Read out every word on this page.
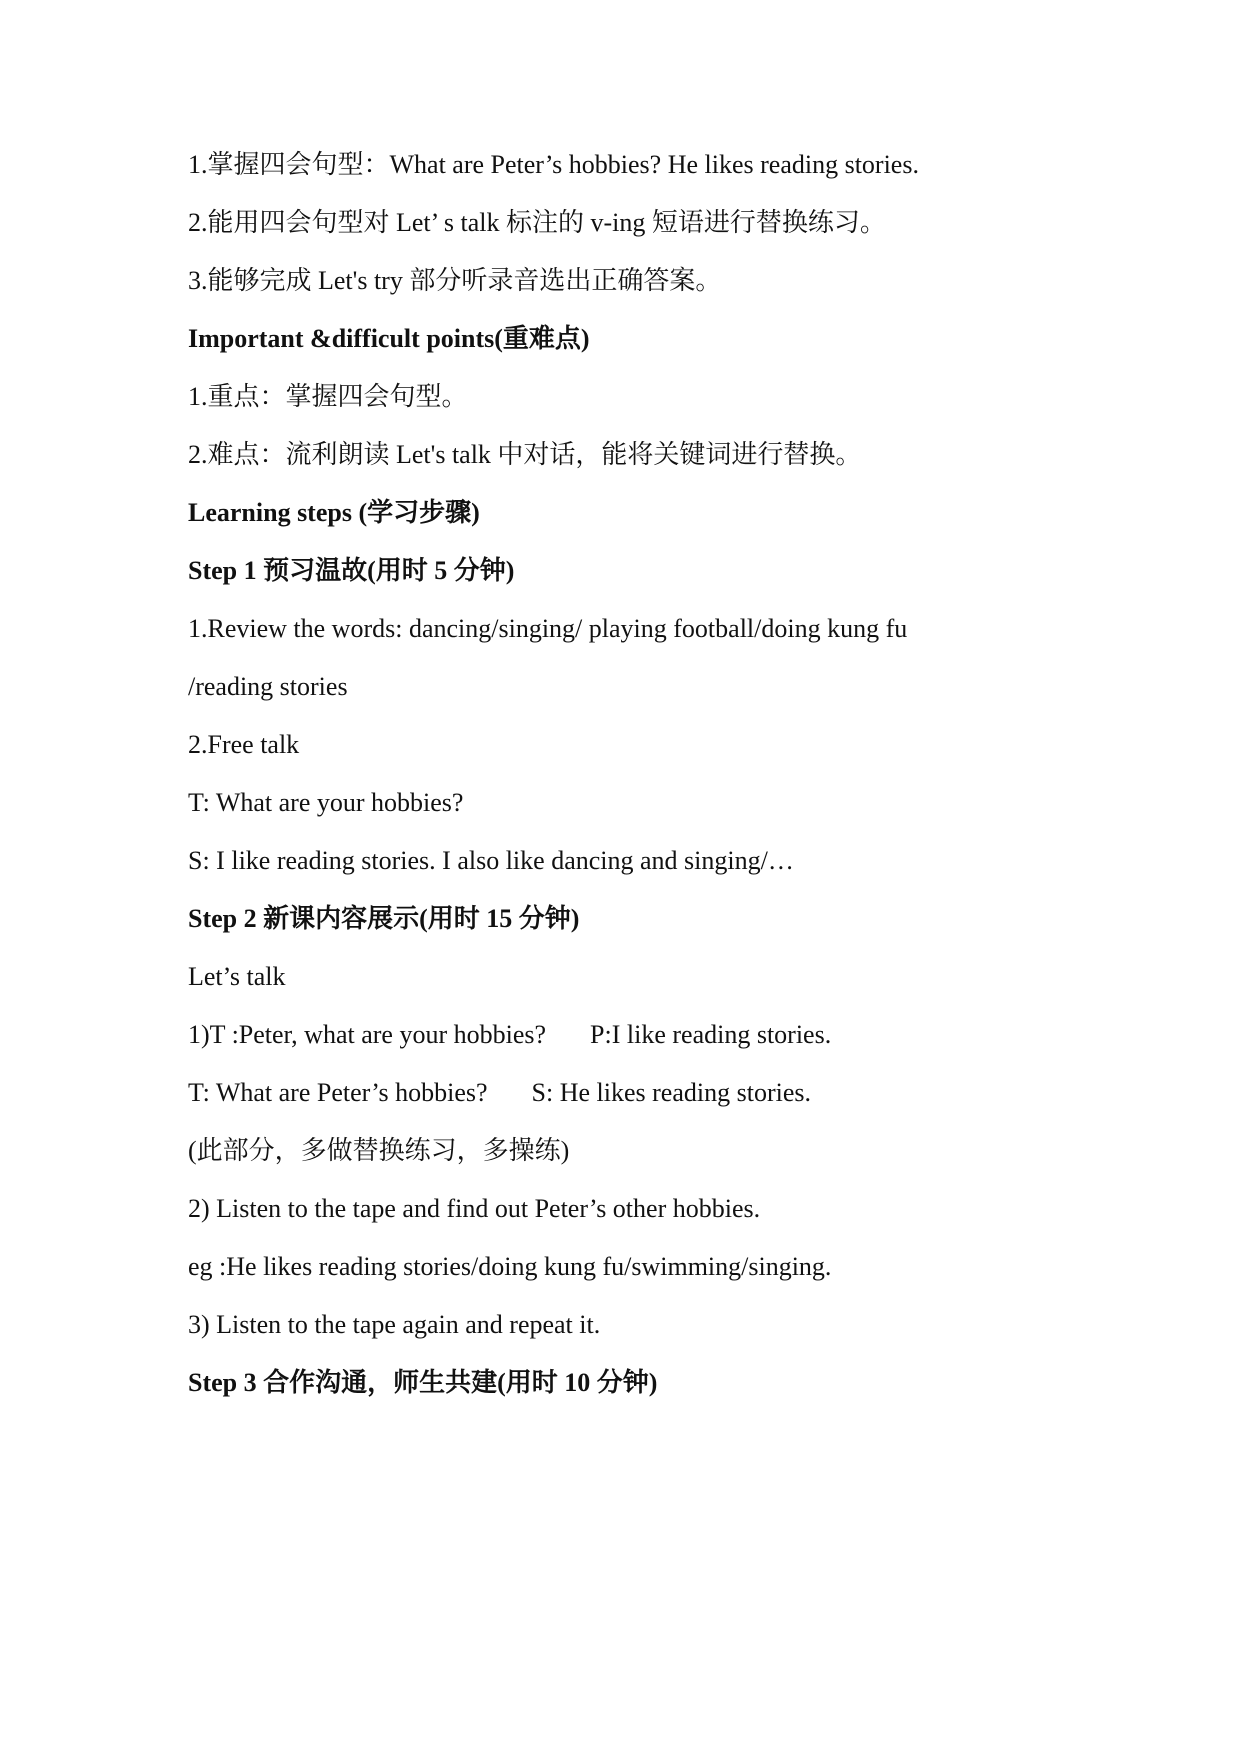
1.掌握四会句型：What are Peter’s hobbies? He likes reading stories.
2.能用四会句型对 Let’ s talk 标注的 v-ing 短语进行替换练习。
3.能够完成 Let's try 部分听录音选出正确答案。
Important &difficult points(重难点)
1.重点：掌握四会句型。
2.难点：流利朗读 Let's talk 中对话，能将关键词进行替换。
Learning steps (学习步骤)
Step 1 预习温故(用时 5 分钟)
1.Review the words: dancing/singing/ playing football/doing kung fu
/reading stories
2.Free talk
T: What are your hobbies?
S: I like reading stories. I also like dancing and singing/…
Step 2 新课内容展示(用时 15 分钟)
Let’s talk
1)T :Peter, what are your hobbies? P:I like reading stories.
T: What are Peter’s hobbies? S: He likes reading stories.
(此部分，多做替换练习，多操练)
2) Listen to the tape and find out Peter’s other hobbies.
eg :He likes reading stories/doing kung fu/swimming/singing.
3) Listen to the tape again and repeat it.
Step 3 合作沟通，师生共建(用时 10 分钟)
